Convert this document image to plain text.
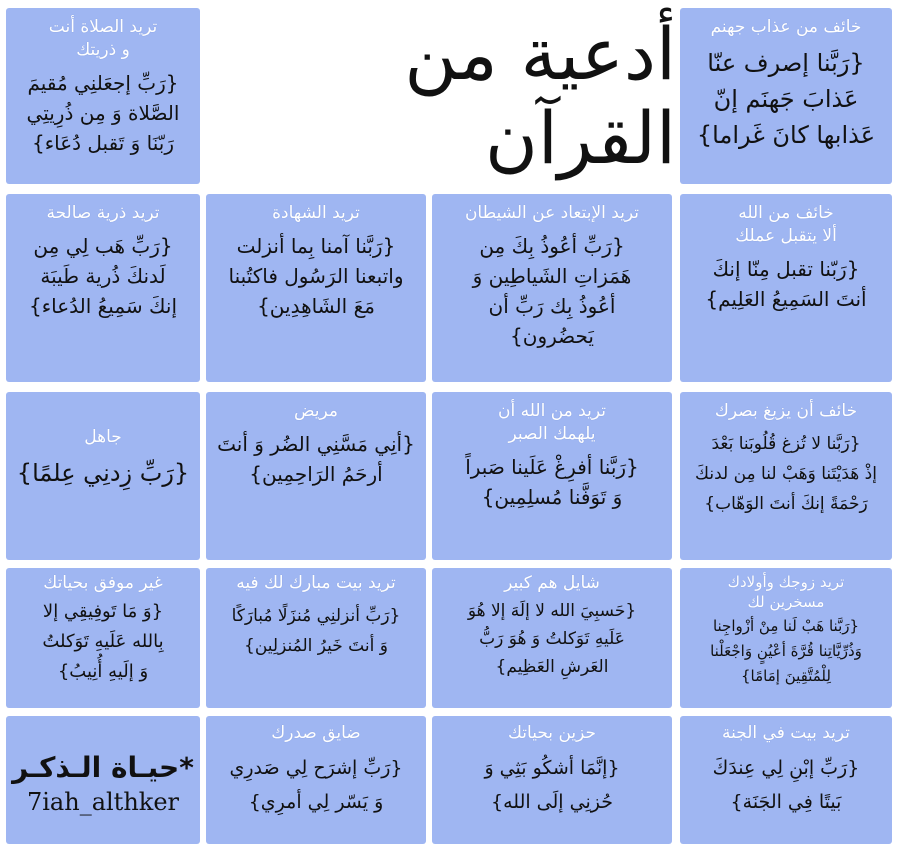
أدعية من القرآن
خائف من عذاب جهنم
{رَبَّنا إصرف عنّا
عَذابَ جَهنَم إنّ
عَذابها كانَ غَراما}
تريد الصلاة أنت
و ذريتك
{رَبِّ إجعَلنِي مُقيمَ
الصَّلاة وَ مِن ذُرِيتِي
رَبّنَا وَ تَقبل دُعَاء}
خائف من الله
ألا يتقبل عملك
{رَبّنا تقبل مِنّا إنكَ
أنتَ السَمِيعُ العَلِيم}
تريد الإبتعاد عن الشيطان
{رَبِّ أعُوذُ بِكَ مِن
هَمَزاتِ الشَياطِين وَ
أعُوذُ بِك رَبِّ أن
يَحضُرون}
تريد الشهادة
{رَبَّنا آمنا بِما أنزلت
واتبعنا الرَسُول فاكتُبنا
مَعَ الشَاهِدِين}
تريد ذرية صالحة
{رَبِّ هَب لِي مِن
لَدنكَ ذُرية طَيبَة
إنكَ سَمِيعُ الدُعاء}
خائف أن يزيغ بصرك
{رَبَّنا لا تُزغ قُلُوبَنا بَعْدَ
إذْ هَدَيْتَنا وَهَبْ لنا مِن لدنكَ
رَحْمَةً إنكَ أنتَ الوَهّاب}
تريد من الله أن
يلهمك الصبر
{رَبَّنا أفرِغْ عَلَينا صَبراً
وَ تَوَفَّنا مُسلِمِين}
مريض
{أنِي مَسَّنِي الضُر وَ أنتَ
أرحَمُ الرَاحِمِين}
جاهل
{رَبِّ زِدنِي عِلمًا}
تريد زوجك وأولادك
مسخرين لك
{رَبَّنا هَبْ لَنا مِنْ أزْواجِنا
وَذُرِّيَّاتِنا قُرَّةَ أعْيُنٍ وَاجْعَلْنا
لِلْمُتَّقِينَ إمَامًا}
شايل هم كبير
{حَسبِيَ الله لا إلَهَ إلا هُوَ
عَلَيهِ تَوَكلتُ وَ هُوَ رَبُّ
العَرشِ العَظِيم}
تريد بيت مبارك لك فيه
{رَبِّ أنزلنِي مُنزَلًا مُبارَكًا
وَ أنتَ خَيرُ المُنزلِين}
غير موفق بحياتك
{وَ مَا تَوفِيقِي إلا
بِالله عَلَيهِ تَوَكلتُ
وَ إلَيهِ أُنِيبُ}
تريد بيت في الجنة
{رَبِّ إبْنِ لِي عِندَكَ
بَيتًا فِي الجَنَة}
حزين بحياتك
{إنَّمَا أشكُو بَثِي وَ
حُزنِي إلَى الله}
ضايق صدرك
{رَبِّ إشرَح لِي صَدرِي
وَ يَسّر لِي أمرِي}
*حيـاة الـذكـر
7iah_althker
